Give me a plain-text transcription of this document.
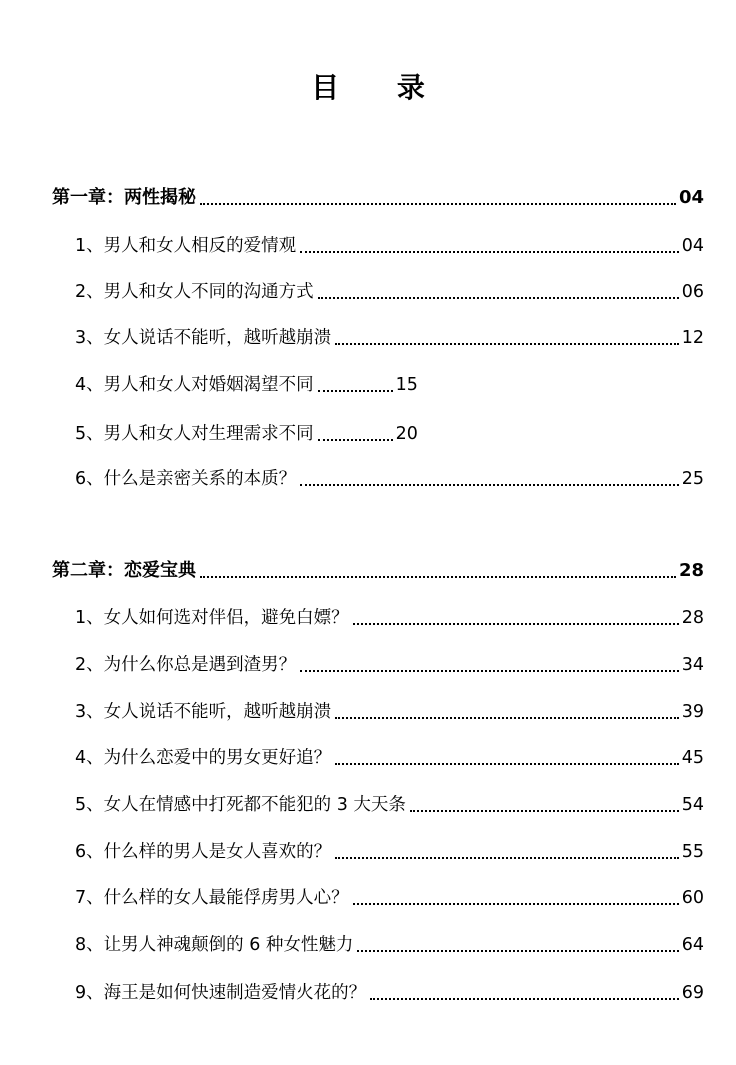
目 录
第一章：两性揭秘	04
1、男人和女人相反的爱情观	04
2、男人和女人不同的沟通方式	06
3、女人说话不能听，越听越崩溃	12
4、男人和女人对婚姻渴望不同	15
5、男人和女人对生理需求不同	20
6、什么是亲密关系的本质？	25
第二章：恋爱宝典	28
1、女人如何选对伴侣，避免白嫖？	28
2、为什么你总是遇到渣男？	34
3、女人说话不能听，越听越崩溃	39
4、为什么恋爱中的男女更好追？	45
5、女人在情感中打死都不能犯的 3 大天条	54
6、什么样的男人是女人喜欢的？	55
7、什么样的女人最能俘虏男人心？	60
8、让男人神魂颠倒的 6 种女性魅力	64
9、海王是如何快速制造爱情火花的？	69
